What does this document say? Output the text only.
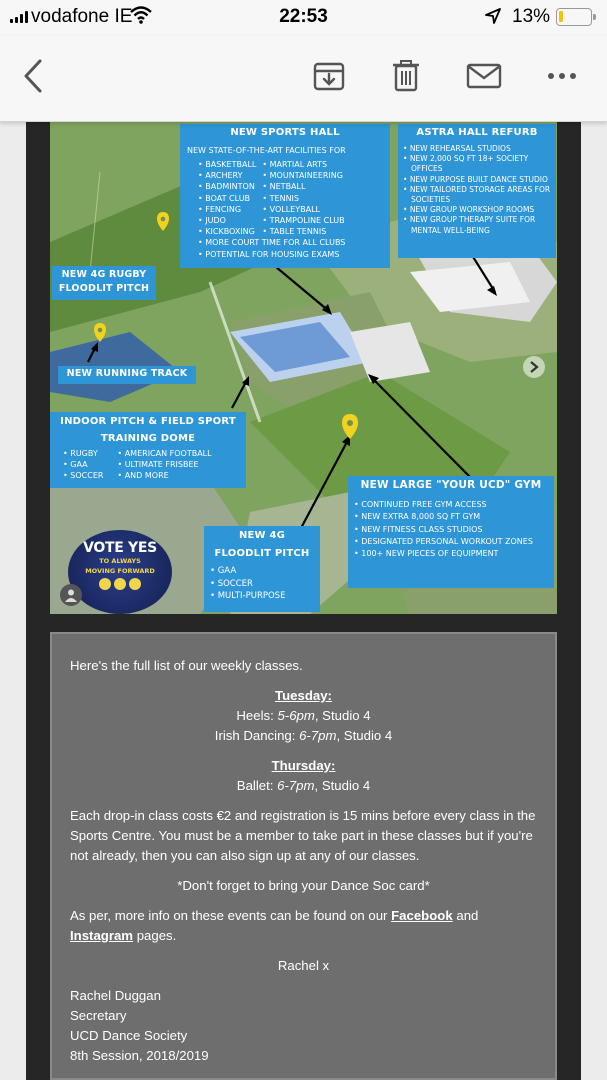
vodafone IE	22:53	13%
NEW SPORTS HALL
NEW STATE-OF-THE-ART FACILITIES FOR
• BASKETBALL
• ARCHERY
• BADMINTON
• BOAT CLUB
• FENCING
• JUDO
• KICKBOXING
• MARTIAL ARTS
• MOUNTAINEERING
• NETBALL
• TENNIS
• VOLLEYBALL
• TRAMPOLINE CLUB
• TABLE TENNIS
• MORE COURT TIME FOR ALL CLUBS
• POTENTIAL FOR HOUSING EXAMS
ASTRA HALL REFURB
• NEW REHEARSAL STUDIOS
• NEW 2,000 SQ FT 18+ SOCIETY OFFICES
• NEW PURPOSE BUILT DANCE STUDIO
• NEW TAILORED STORAGE AREAS FOR SOCIETIES
• NEW GROUP WORKSHOP ROOMS
• NEW GROUP THERAPY SUITE FOR MENTAL WELL-BEING
NEW 4G RUGBY
FLOODLIT PITCH
NEW RUNNING TRACK
INDOOR PITCH & FIELD SPORT
TRAINING DOME
• RUGBY
• GAA
• SOCCER
• AMERICAN FOOTBALL
• ULTIMATE FRISBEE
• AND MORE
NEW LARGE "YOUR UCD" GYM
• CONTINUED FREE GYM ACCESS
• NEW EXTRA 8,000 SQ FT GYM
• NEW FITNESS CLASS STUDIOS
• DESIGNATED PERSONAL WORKOUT ZONES
• 100+ NEW PIECES OF EQUIPMENT
NEW 4G
FLOODLIT PITCH
• GAA
• SOCCER
• MULTI-PURPOSE
VOTE YES
TO ALWAYS
MOVING FORWARD

Here's the full list of our weekly classes.

Tuesday:

Heels: 5-6pm, Studio 4

Irish Dancing: 6-7pm, Studio 4

Thursday:

Ballet: 6-7pm, Studio 4

Each drop-in class costs €2 and registration is 15 mins before every class in the Sports Centre. You must be a member to take part in these classes but if you're not already, then you can also sign up at any of our classes.

*Don't forget to bring your Dance Soc card*

As per, more info on these events can be found on our Facebook and Instagram pages.

Rachel x

Rachel Duggan

Secretary

UCD Dance Society

8th Session, 2018/2019
